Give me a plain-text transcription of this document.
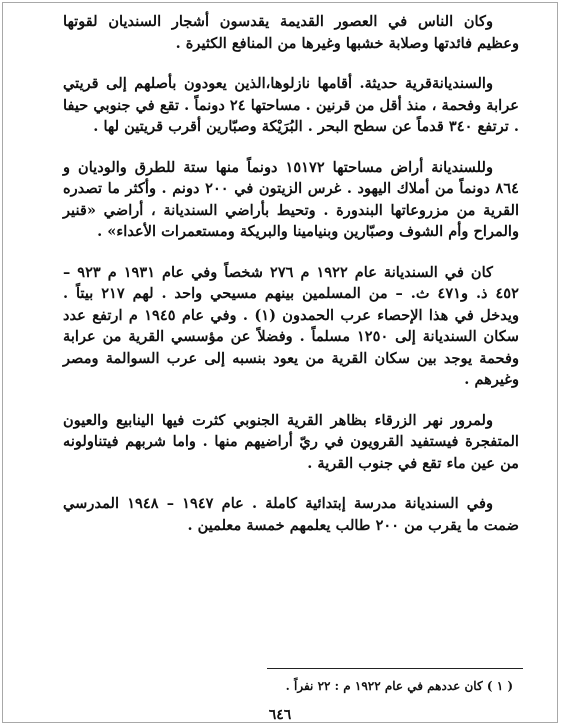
وكان الناس في العصور القديمة يقدسون أشجار السنديان لقوتها وعظيم فائدتها وصلابة خشبها وغيرها من المنافع الكثيرة .

والسنديانةقرية حديثة. أقامها نازلوها،الذين يعودون بأصلهم إلى قريتي عرابة وفحمة ، منذ أقل من قرنين . مساحتها ٢٤ دونماً . تقع في جنوبي حيفا . ترتفع ٣٤٠ قدماً عن سطح البحر . البُرَيْكة وصبّارين أقرب قريتين لها .

وللسنديانة أراض مساحتها ١٥١٧٢ دونماً منها ستة للطرق والوديان و ٨٦٤ دونماً من أملاك اليهود . غرس الزيتون في ٢٠٠ دونم . وأكثر ما تصدره القرية من مزروعاتها البندورة . وتحيط بأراضي السنديانة ، أراضي «قنير والمراح وأم الشوف وصبّارين وبنيامينا والبريكة ومستعمرات الأعداء» .

كان في السنديانة عام ١٩٢٢ م ٢٧٦ شخصاً وفي عام ١٩٣١ م ٩٢٣ – ٤٥٢ ذ. و٤٧١ ث. – من المسلمين بينهم مسيحي واحد . لهم ٢١٧ بيتاً . ويدخل في هذا الإحصاء عرب الحمدون (١) . وفي عام ١٩٤٥ م ارتفع عدد سكان السنديانة إلى ١٢٥٠ مسلماً . وفضلاً عن مؤسسي القرية من عرابة وفحمة يوجد بين سكان القرية من يعود بنسبه إلى عرب السوالمة ومصر وغيرهم .

ولمرور نهر الزرقاء بظاهر القرية الجنوبي كثرت فيها الينابيع والعيون المتفجرة فيستفيد القرويون في ريّ أراضيهم منها . واما شربهم فيتناولونه من عين ماء تقع في جنوب القرية .

وفي السنديانة مدرسة إبتدائية كاملة . عام ١٩٤٧ – ١٩٤٨ المدرسي ضمت ما يقرب من ٢٠٠ طالب يعلمهم خمسة معلمين .

( ١ ) كان عددهم في عام ١٩٢٢ م : ٢٢ نفراً .
٦٤٦
